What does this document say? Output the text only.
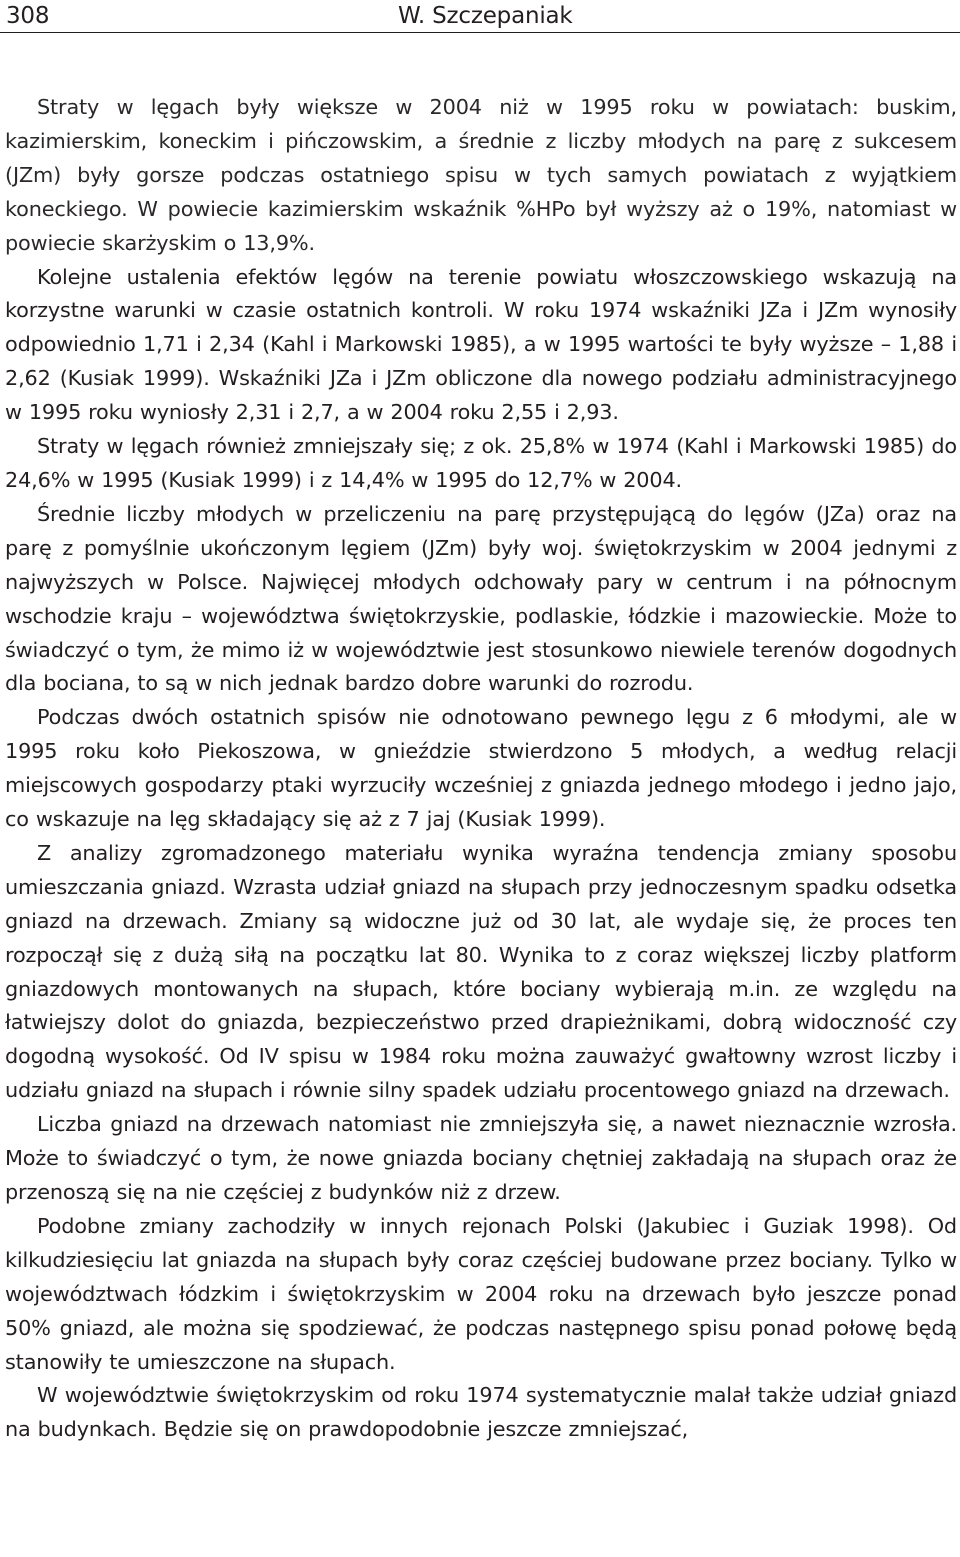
308	W. Szczepaniak

Straty w lęgach były większe w 2004 niż w 1995 roku w powiatach: buskim, kazimierskim, koneckim i pińczowskim, a średnie z liczby młodych na parę z sukcesem (JZm) były gorsze podczas ostatniego spisu w tych samych powiatach z wyjątkiem koneckiego. W powiecie kazimierskim wskaźnik %HPo był wyższy aż o 19%, natomiast w powiecie skarżyskim o 13,9%.

Kolejne ustalenia efektów lęgów na terenie powiatu włoszczowskiego wskazują na korzystne warunki w czasie ostatnich kontroli. W roku 1974 wskaźniki JZa i JZm wynosiły odpowiednio 1,71 i 2,34 (Kahl i Markowski 1985), a w 1995 wartości te były wyższe – 1,88 i 2,62 (Kusiak 1999). Wskaźniki JZa i JZm obliczone dla nowego podziału administracyjnego w 1995 roku wyniosły 2,31 i 2,7, a w 2004 roku 2,55 i 2,93.

Straty w lęgach również zmniejszały się; z ok. 25,8% w 1974 (Kahl i Markowski 1985) do 24,6% w 1995 (Kusiak 1999) i z 14,4% w 1995 do 12,7% w 2004.

Średnie liczby młodych w przeliczeniu na parę przystępującą do lęgów (JZa) oraz na parę z pomyślnie ukończonym lęgiem (JZm) były woj. świętokrzyskim w 2004 jednymi z najwyższych w Polsce. Najwięcej młodych odchowały pary w centrum i na północnym wschodzie kraju – województwa świętokrzyskie, podlaskie, łódzkie i mazowieckie. Może to świadczyć o tym, że mimo iż w województwie jest stosunkowo niewiele terenów dogodnych dla bociana, to są w nich jednak bardzo dobre warunki do rozrodu.

Podczas dwóch ostatnich spisów nie odnotowano pewnego lęgu z 6 młodymi, ale w 1995 roku koło Piekoszowa, w gnieździe stwierdzono 5 młodych, a według relacji miejscowych gospodarzy ptaki wyrzuciły wcześniej z gniazda jednego młodego i jedno jajo, co wskazuje na lęg składający się aż z 7 jaj (Kusiak 1999).

Z analizy zgromadzonego materiału wynika wyraźna tendencja zmiany sposobu umieszczania gniazd. Wzrasta udział gniazd na słupach przy jednoczesnym spadku odsetka gniazd na drzewach. Zmiany są widoczne już od 30 lat, ale wydaje się, że proces ten rozpoczął się z dużą siłą na początku lat 80. Wynika to z coraz większej liczby platform gniazdowych montowanych na słupach, które bociany wybierają m.in. ze względu na łatwiejszy dolot do gniazda, bezpieczeństwo przed drapieżnikami, dobrą widoczność czy dogodną wysokość. Od IV spisu w 1984 roku można zauważyć gwałtowny wzrost liczby i udziału gniazd na słupach i równie silny spadek udziału procentowego gniazd na drzewach.

Liczba gniazd na drzewach natomiast nie zmniejszyła się, a nawet nieznacznie wzrosła. Może to świadczyć o tym, że nowe gniazda bociany chętniej zakładają na słupach oraz że przenoszą się na nie częściej z budynków niż z drzew.

Podobne zmiany zachodziły w innych rejonach Polski (Jakubiec i Guziak 1998). Od kilkudziesięciu lat gniazda na słupach były coraz częściej budowane przez bociany. Tylko w województwach łódzkim i świętokrzyskim w 2004 roku na drzewach było jeszcze ponad 50% gniazd, ale można się spodziewać, że podczas następnego spisu ponad połowę będą stanowiły te umieszczone na słupach.

W województwie świętokrzyskim od roku 1974 systematycznie malał także udział gniazd na budynkach. Będzie się on prawdopodobnie jeszcze zmniejszać,
